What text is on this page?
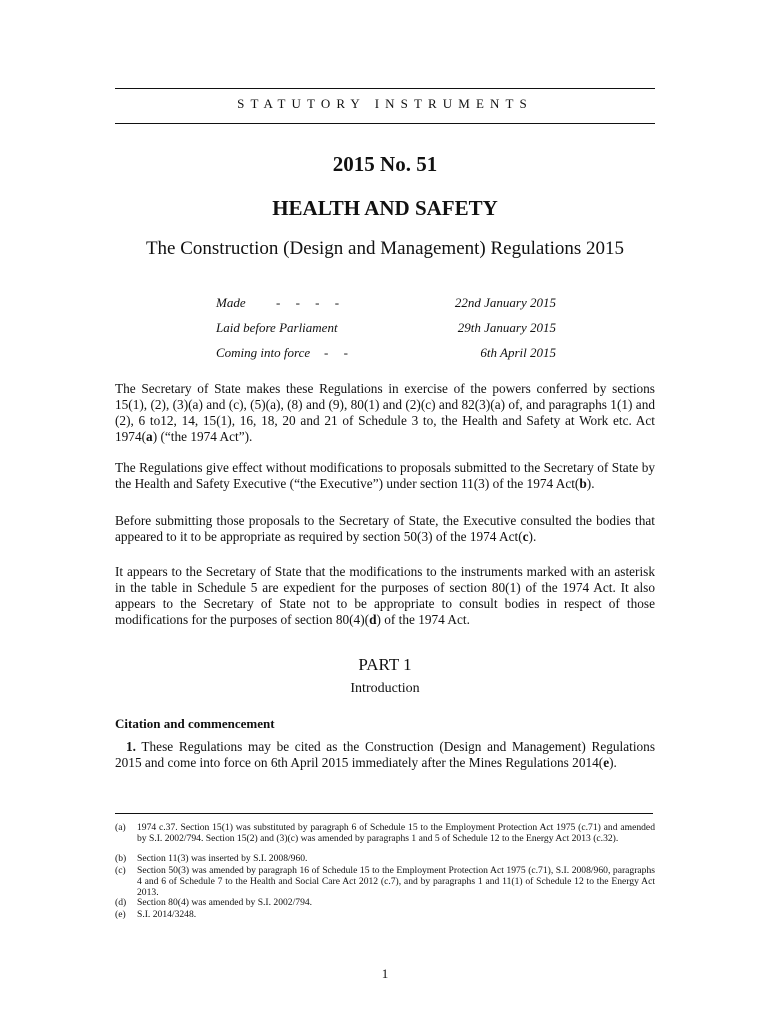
STATUTORY INSTRUMENTS
2015 No. 51
HEALTH AND SAFETY
The Construction (Design and Management) Regulations 2015
Made - - - -	22nd January 2015
Laid before Parliament	29th January 2015
Coming into force - -	6th April 2015

The Secretary of State makes these Regulations in exercise of the powers conferred by sections 15(1), (2), (3)(a) and (c), (5)(a), (8) and (9), 80(1) and (2)(c) and 82(3)(a) of, and paragraphs 1(1) and (2), 6 to12, 14, 15(1), 16, 18, 20 and 21 of Schedule 3 to, the Health and Safety at Work etc. Act 1974(a) (“the 1974 Act”).

The Regulations give effect without modifications to proposals submitted to the Secretary of State by the Health and Safety Executive (“the Executive”) under section 11(3) of the 1974 Act(b).

Before submitting those proposals to the Secretary of State, the Executive consulted the bodies that appeared to it to be appropriate as required by section 50(3) of the 1974 Act(c).

It appears to the Secretary of State that the modifications to the instruments marked with an asterisk in the table in Schedule 5 are expedient for the purposes of section 80(1) of the 1974 Act. It also appears to the Secretary of State not to be appropriate to consult bodies in respect of those modifications for the purposes of section 80(4)(d) of the 1974 Act.

PART 1
Introduction
Citation and commencement

1. These Regulations may be cited as the Construction (Design and Management) Regulations 2015 and come into force on 6th April 2015 immediately after the Mines Regulations 2014(e).

(a) 1974 c.37. Section 15(1) was substituted by paragraph 6 of Schedule 15 to the Employment Protection Act 1975 (c.71) and amended by S.I. 2002/794. Section 15(2) and (3)(c) was amended by paragraphs 1 and 5 of Schedule 12 to the Energy Act 2013 (c.32).
(b) Section 11(3) was inserted by S.I. 2008/960.
(c) Section 50(3) was amended by paragraph 16 of Schedule 15 to the Employment Protection Act 1975 (c.71), S.I. 2008/960, paragraphs 4 and 6 of Schedule 7 to the Health and Social Care Act 2012 (c.7), and by paragraphs 1 and 11(1) of Schedule 12 to the Energy Act 2013.
(d) Section 80(4) was amended by S.I. 2002/794.
(e) S.I. 2014/3248.
1
